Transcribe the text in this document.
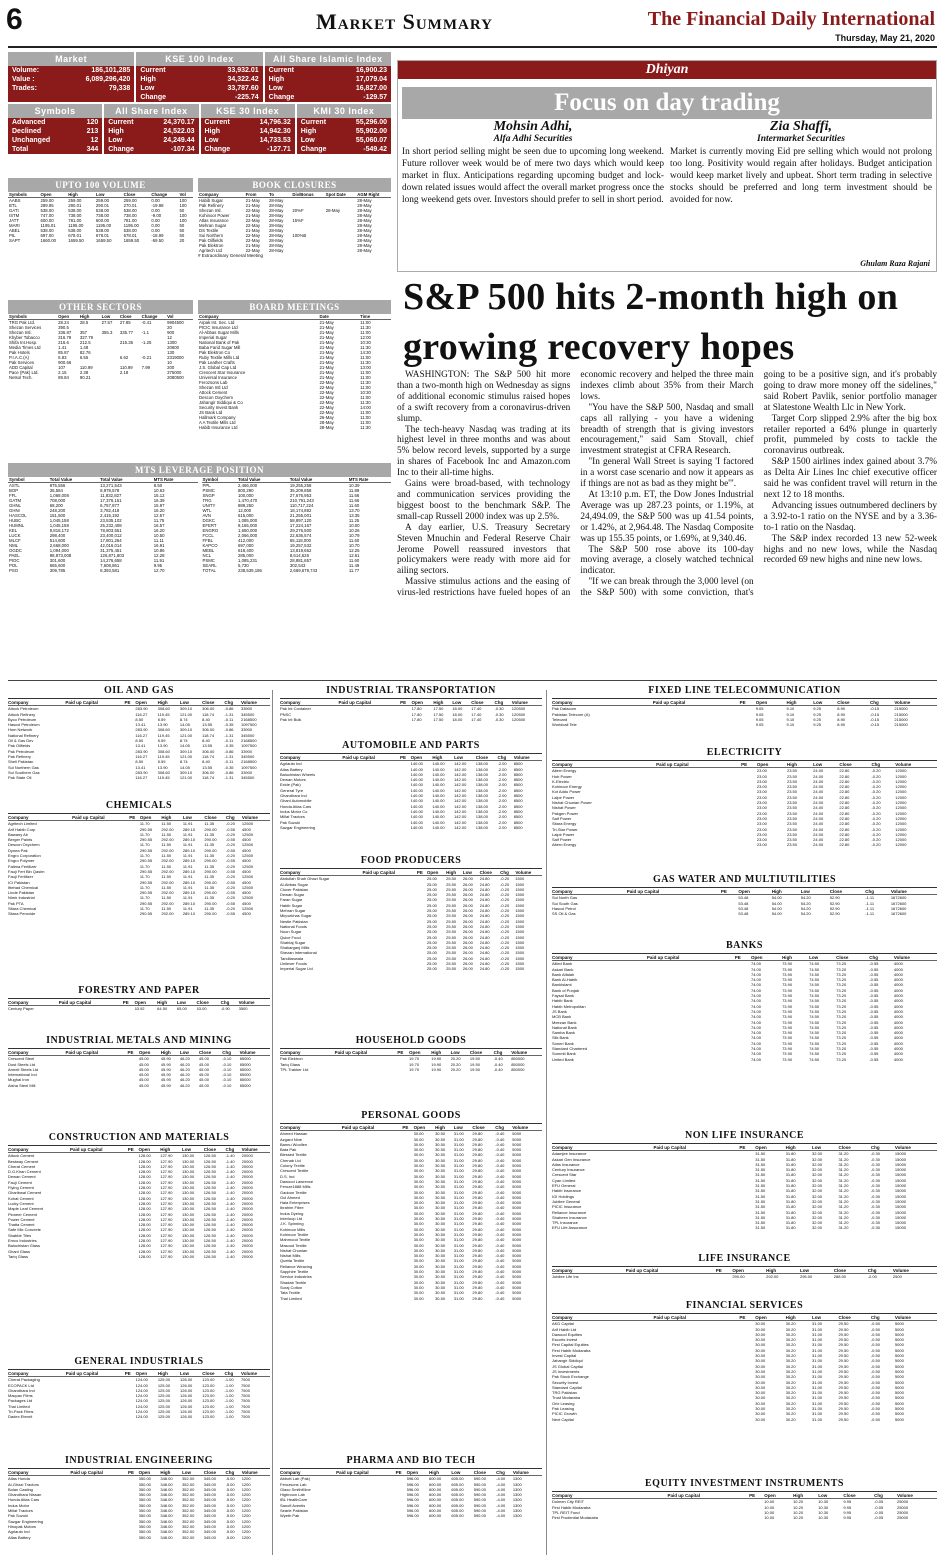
6	Market Summary	The Financial Daily International
Thursday, May 21, 2020
Market
Volume:	186,101,285
Value :	6,089,296,420
Trades:	79,338
KSE 100 Index
Current	33,932.01
High	34,322.42
Low	33,787.60
Change	-225.74
All Share Islamic Index
Current	16,900.23
High	17,079.04
Low	16,827.00
Change	-129.57
Symbols
Advanced	120
Declined	213
Unchanged	12
Total	344
All Share Index
Current	24,370.17
High	24,522.03
Low	24,249.44
Change	-107.34
KSE 30 Index
Current	14,796.32
High	14,942.30
Low	14,733.53
Change	-127.71
KMI 30 Index
Current	55,296.00
High	55,902.00
Low	55,060.07
Change	-549.42
UPTO 100 VOLUME
Symbols	Open	High	Low	Close	Change	Vol
AABS	259.00	259.00	259.00	259.00	0.00	100
BTL	289.95	290.01	290.01	270.01	-19.98	100
GATI	538.00	538.00	538.00	538.00	0.00	50
ISTM	747.00	738.00	738.00	738.00	-9.00	100
JATT	600.00	781.00	600.00	781.00	0.00	100
MARI	1195.01	1195.00	1195.00	1195.00	0.00	50
ABEL	538.00	538.00	538.00	538.00	0.00	50
PIL	697.00	678.01	678.01	678.01	-18.99	50
SAPT	1660.00	1659.50	1659.50	1659.50	-59.50	20
OTHER SECTORS
Symbols	Open	High	Low	Close	Change	Vol
TRG Pak Ltd.	28.24	28.5	27.57	27.85	-0.41	9904500
Shezan Services	390.5					20
Shezan Intl.	336.87	357	355.3	335.77	-1.1	900
Khyber Tobacco	316.79	327.79				12
Shifa Int.Hosp.	216.6	212.5		215.35	-1.25	1300
Media Times Ltd	1.41	1.48				20600
Pak Hotels	85.87	82.76				130
P.I.A.C.(A)	6.83	6.55		6.62	-0.21	2319000
Pak Services	900.66					10
ADD Capital	107	110.99		110.99	7.99	200
Pace (Pak) Ltd.	2.15	2.38		2.18		375000
Netsol Tech.	89.84	90.21				2080500
BOOK CLOSURES
Company	From	To	Div/Bonus	Spot Date	AGM Right
Habib Sugar	21-May	28-May			28-May
Pak Refinery	21-May	28-May			28-May
Shezan Intl.	22-May	28-May	20%F	28-May	28-May
Kohinoor Power	21-May	28-May			28-May
Atlas Insurance	22-May	28-May	15%F		28-May
Mehran Sugar	22-May	28-May			28-May
DS Textile	21-May	28-May			28-May
Sui Northern	22-May	28-May	100%B		28-May
Pak Oilfields	22-May	28-May			28-May
Pak Elektron	21-May	28-May			28-May
Agritech Ltd	22-May	28-May			28-May
# Extraordinary General Meeting
BOARD MEETINGS
Company	Date	Time
Arpak Int. Sec. Ltd	21-May	11:00
PICIC Insurance Ltd	21-May	11:30
Al-Abbas Sugar Mills	21-May	11:00
Imperial Sugar	21-May	12:00
National Bank of Pak	21-May	10:30
Baba Farid Sugar Mill	21-May	11:30
Pak Elektron Co	21-May	14:30
Ruby Textile Mills Ltd	21-May	11:00
Pak Leather Crafts	21-May	11:30
J.S. Global Cap Ltd	21-May	13:00
Crescent Star Insurance	21-May	11:00
Universal Insurance	21-May	11:00
Ferozsons Lab	22-May	11:30
Shezan Intl Ltd	22-May	11:00
Attock Cement	22-May	10:30
Descon Oxychem	22-May	11:00
Jahangir Siddiqui & Co	22-May	11:30
Security Invest Bank	22-May	14:00
JS Bank Ltd	22-May	11:00
Hallmark Company	26-May	11:00
A A Textile Mills Ltd	28-May	11:00
Habib Insurance Ltd	28-May	11:30
MTS LEVERAGE POSITION
Symbol	Total Value	Total Value	MTS Rate
ASTL	875,556	13,271,543	8.50
BOP	35,584	8,978,578	10.63
FFL	1,068,008	11,832,827	15.12
GATM	708,000	17,376,151	16.39
GHNL	68,200	6,757,877	15.97
GHNI	248,200	3,782,418	16.20
HASCOL	151,500	2,415,192	12.57
HUBC	1,045,158	23,535,102	11.75
HUMNL	1,045,158	25,232,408	16.57
KEL	9,816,172	78,803,551	16.20
LUCK	298,400	23,400,012	10.50
MLCF	514,600	17,801,264	11.11
NML	2,668,000	42,016,014	16.91
OGDC	1,094,000	31,375,451	10.86
PAEL	98,873,008	126,871,803	12.28
PIOC	301,600	14,276,658	11.91
POL	665,600	7,608,861	9.95
PSO	309,785	8,393,581	12.70
Symbol	Total Value	Total Value	MTS Rate
PPL	2,466,000	19,255,258	10.39
PSMC	800,290	35,209,858	11.89
SNGP	100,000	27,676,953	11.66
TRG	1,470,470	210,791,243	11.66
UNITY	889,250	110,717,224	11.60
WTL	12,000	18,174,882	13.70
AVN	615,000	21,255,001	13.35
DGKC	1,085,000	58,897,120	11.25
EFERT	8,165,000	17,224,167	10.00
ENGRO	1,650,000	29,276,500	10.26
FCCL	2,066,000	22,636,574	10.79
FFBL	412,000	65,118,000	11.60
KAPCO	697,000	19,257,532	10.70
MEBL	618,400	13,819,662	12.25
NCL	285,000	8,614,626	12.61
PSMC	1,085,231	28,881,657	11.60
SEARL	5,730	302,543	11.49
TOTAL	238,539,186	2,669,679,743	11.77
Dhiyan
Focus on day trading
Mohsin Adhi,
Alfa Adhi Securities
In short period selling might be seen due to upcoming long weekend. Future rollover week would be of mere two days which would keep market in flux. Anticipations regarding upcoming budget and lock-down related issues would affect the overall market progress once the long weekend gets over. Investors should prefer to sell in short period.
Zia Shaffi,
Intermarket Securities
Market is currently moving Eid pre selling which would not prolong too long. Positivity would regain after holidays. Budget anticipation would keep market lively and upbeat. Short term trading in selective stocks should be preferred and long term investment should be avoided for now.
Ghulam Raza Rajani
S&P 500 hits 2-month high on growing recovery hopes

WASHINGTON: The S&P 500 hit more than a two-month high on Wednesday as signs of additional economic stimulus raised hopes of a swift recovery from a coronavirus-driven slump.

The tech-heavy Nasdaq was trading at its highest level in three months and was about 5% below record levels, supported by a surge in shares of Facebook Inc and Amazon.com Inc to their all-time highs.

Gains were broad-based, with technology and communication services providing the biggest boost to the benchmark S&P. The small-cap Russell 2000 index was up 2.5%.

A day earlier, U.S. Treasury Secretary Steven Mnuchin and Federal Reserve Chair Jerome Powell reassured investors that policymakers were ready with more aid for ailing sectors.

Massive stimulus actions and the easing of virus-led restrictions have fueled hopes of an economic recovery and helped the three main indexes climb about 35% from their March lows.

"You have the S&P 500, Nasdaq and small caps all rallying - you have a widening breadth of strength that is giving investors encouragement," said Sam Stovall, chief investment strategist at CFRA Research.

"In general Wall Street is saying 'I factored in a worst case scenario and now it appears as if things are not as bad as they might be'".

At 13:10 p.m. ET, the Dow Jones Industrial Average was up 287.23 points, or 1.19%, at 24,494.09, the S&P 500 was up 41.54 points, or 1.42%, at 2,964.48. The Nasdaq Composite was up 155.35 points, or 1.69%, at 9,340.46.

The S&P 500 rose above its 100-day moving average, a closely watched technical indicator.

"If we can break through the 3,000 level (on the S&P 500) with some conviction, that's going to be a positive sign, and it's probably going to draw more money off the sidelines," said Robert Pavlik, senior portfolio manager at Slatestone Wealth Llc in New York.

Target Corp slipped 2.9% after the big box retailer reported a 64% plunge in quarterly profit, pummeled by costs to tackle the coronavirus outbreak.

S&P 1500 airlines index gained about 3.7% as Delta Air Lines Inc chief executive officer said he was confident travel will return in the next 12 to 18 months.

Advancing issues outnumbered decliners by a 3.92-to-1 ratio on the NYSE and by a 3.36-to-1 ratio on the Nasdaq.

The S&P index recorded 13 new 52-week highs and no new lows, while the Nasdaq recorded 69 new highs and nine new lows.

OIL AND GAS
Company	Paid up Capital	PE	Open	High	Low	Close	Chg	Volume
Attock Petroleum			283.90	308.60	309.10	306.00	-0.86	33900
Attock Refinery			116.27	119.45	121.00	118.74	-1.31	345500
Byco Petroleum			8.50	8.59	8.74	8.40	-0.11	2168500
Hascol Petroleum			13.41	13.90	14.05	13.55	-0.35	1097500
Hum Network			283.90	308.60	309.10	306.00	-0.86	33900
National Refinery			116.27	119.45	121.00	118.74	-1.31	345500
Oil & Gas Dev			8.50	8.59	8.74	8.40	-0.11	2168500
Pak Oilfields			13.41	13.90	14.05	13.55	-0.35	1097500
Pak Petroleum			283.90	308.60	309.10	306.00	-0.86	33900
Pak Refinery			116.27	119.45	121.00	118.74	-1.31	345500
Shell Pakistan			8.50	8.59	8.74	8.40	-0.11	2168500
Sui Northern Gas			13.41	13.90	14.05	13.55	-0.35	1097500
Sui Southern Gas			283.90	308.60	309.10	306.00	-0.86	33900
Pak State Oil			116.27	119.45	121.00	118.74	-1.31	345500
CHEMICALS
Company	Paid up Capital	PE	Open	High	Low	Close	Chg	Volume
Agritech Limited			11.70	11.50	11.91	11.35	-0.20	12500
Arif Habib Corp			290.55	292.00	289.10	290.00	-0.55	4500
Bawany Air			11.70	11.50	11.91	11.35	-0.20	12500
Berger Paints			290.55	292.00	289.10	290.00	-0.55	4500
Descon Oxychem			11.70	11.50	11.91	11.35	-0.20	12500
Dynea Pak			290.55	292.00	289.10	290.00	-0.55	4500
Engro Corporation			11.70	11.50	11.91	11.35	-0.20	12500
Engro Polymer			290.55	292.00	289.10	290.00	-0.55	4500
Fatima Fertilizer			11.70	11.50	11.91	11.35	-0.20	12500
Fauji Fert Bin Qasim			290.55	292.00	289.10	290.00	-0.55	4500
Fauji Fertilizer			11.70	11.50	11.91	11.35	-0.20	12500
ICI Pakistan			290.55	292.00	289.10	290.00	-0.55	4500
Ittehad Chemical			11.70	11.50	11.91	11.35	-0.20	12500
Linde Pakistan			290.55	292.00	289.10	290.00	-0.55	4500
Nimir Industrial			11.70	11.50	11.91	11.35	-0.20	12500
Pak PTA			290.55	292.00	289.10	290.00	-0.55	4500
Sitara Chemical			11.70	11.50	11.91	11.35	-0.20	12500
Sitara Peroxide			290.55	292.00	289.10	290.00	-0.55	4500
FORESTRY AND PAPER
Company	Paid up Capital	PE	Open	High	Low	Close	Chg	Volume
Century Paper			63.92	64.50	65.00	63.00	-0.90	3500
INDUSTRIAL METALS AND MINING
Company	Paid up Capital	PE	Open	High	Low	Close	Chg	Volume
Crescent Steel			45.00	45.90	46.20	45.00	-0.10	85000
Dost Steels Ltd			45.00	45.90	46.20	45.00	-0.10	85000
Amreli Steels Ltd			45.00	45.90	46.20	45.00	-0.10	85000
International Ind			45.00	45.90	46.20	45.00	-0.10	85000
Mughal Iron			45.00	45.90	46.20	45.00	-0.10	85000
Aisha Steel Mill			45.00	45.90	46.20	45.00	-0.10	85000
CONSTRUCTION AND MATERIALS
Company	Paid up Capital	PE	Open	High	Low	Close	Chg	Volume
Attock Cement			128.00	127.90	130.00	126.50	-1.40	20000
Bestway Cement			128.00	127.90	130.00	126.50	-1.40	20000
Cherat Cement			128.00	127.90	130.00	126.50	-1.40	20000
D.G.Khan Cement			128.00	127.90	130.00	126.50	-1.40	20000
Dewan Cement			128.00	127.90	130.00	126.50	-1.40	20000
Fauji Cement			128.00	127.90	130.00	126.50	-1.40	20000
Flying Cement			128.00	127.90	130.00	126.50	-1.40	20000
Gharibwal Cement			128.00	127.90	130.00	126.50	-1.40	20000
Kohat Cement			128.00	127.90	130.00	126.50	-1.40	20000
Lucky Cement			128.00	127.90	130.00	126.50	-1.40	20000
Maple Leaf Cement			128.00	127.90	130.00	126.50	-1.40	20000
Pioneer Cement			128.00	127.90	130.00	126.50	-1.40	20000
Power Cement			128.00	127.90	130.00	126.50	-1.40	20000
Thatta Cement			128.00	127.90	130.00	126.50	-1.40	20000
Safe Mix Concrete			128.00	127.90	130.00	126.50	-1.40	20000
Shabbir Tiles			128.00	127.90	130.00	126.50	-1.40	20000
Emco Industries			128.00	127.90	130.00	126.50	-1.40	20000
Balochistan Glass			128.00	127.90	130.00	126.50	-1.40	20000
Ghani Glass			128.00	127.90	130.00	126.50	-1.40	20000
Tariq Glass			128.00	127.90	130.00	126.50	-1.40	20000
GENERAL INDUSTRIALS
Company	Paid up Capital	PE	Open	High	Low	Close	Chg	Volume
Cherat Packaging			124.00	125.00	126.00	123.00	-1.00	7500
ECOPACK Ltd			124.00	125.00	126.00	123.00	-1.00	7500
Ghandhara Ind			124.00	125.00	126.00	123.00	-1.00	7500
Macpac Films			124.00	125.00	126.00	123.00	-1.00	7500
Packages Ltd			124.00	125.00	126.00	123.00	-1.00	7500
Thal Limited			124.00	125.00	126.00	123.00	-1.00	7500
Tri-Pack Films			124.00	125.00	126.00	123.00	-1.00	7500
Dadex Eternit			124.00	125.00	126.00	123.00	-1.00	7500
INDUSTRIAL ENGINEERING
Company	Paid up Capital	PE	Open	High	Low	Close	Chg	Volume
Atlas Honda			350.00	348.00	352.00	345.00	-5.00	1200
Al-Ghazi Tractors			350.00	348.00	352.00	345.00	-5.00	1200
Bolan Casting			350.00	348.00	352.00	345.00	-5.00	1200
Ghandhara Nissan			350.00	348.00	352.00	345.00	-5.00	1200
Honda Atlas Cars			350.00	348.00	352.00	345.00	-5.00	1200
Indus Motor			350.00	348.00	352.00	345.00	-5.00	1200
Millat Tractors			350.00	348.00	352.00	345.00	-5.00	1200
Pak Suzuki			350.00	348.00	352.00	345.00	-5.00	1200
Sazgar Engineering			350.00	348.00	352.00	345.00	-5.00	1200
Hinopak Motors			350.00	348.00	352.00	345.00	-5.00	1200
Agriauto Ind			350.00	348.00	352.00	345.00	-5.00	1200
Atlas Battery			350.00	348.00	352.00	345.00	-5.00	1200
INDUSTRIAL TRANSPORTATION
Company	Paid up Capital	PE	Open	High	Low	Close	Chg	Volume
Pak Int Container			17.80	17.50	18.00	17.40	-0.30	120500
PNSC			17.80	17.50	18.00	17.40	-0.30	120500
Pak Int Bulk			17.80	17.50	18.00	17.40	-0.30	120500
AUTOMOBILE AND PARTS
Company	Paid up Capital	PE	Open	High	Low	Close	Chg	Volume
Agriauto Ind			140.00	140.00	142.00	138.00	-2.00	8500
Atlas Battery			140.00	140.00	142.00	138.00	-2.00	8500
Baluchistan Wheels			140.00	140.00	142.00	138.00	-2.00	8500
Dewan Motors			140.00	140.00	142.00	138.00	-2.00	8500
Exide (Pak)			140.00	140.00	142.00	138.00	-2.00	8500
General Tyre			140.00	140.00	142.00	138.00	-2.00	8500
Ghandhara Ind			140.00	140.00	142.00	138.00	-2.00	8500
Ghani Automobile			140.00	140.00	142.00	138.00	-2.00	8500
Honda Atlas Cars			140.00	140.00	142.00	138.00	-2.00	8500
Indus Motor Co			140.00	140.00	142.00	138.00	-2.00	8500
Millat Tractors			140.00	140.00	142.00	138.00	-2.00	8500
Pak Suzuki			140.00	140.00	142.00	138.00	-2.00	8500
Sazgar Engineering			140.00	140.00	142.00	138.00	-2.00	8500
FOOD PRODUCERS
Company	Paid up Capital	PE	Open	High	Low	Close	Chg	Volume
Abdullah Shah Ghazi Sugar			25.00	25.50	26.00	24.80	-0.20	1500
Al-Abbas Sugar			25.00	25.50	26.00	24.80	-0.20	1500
Clover Pakistan			25.00	25.50	26.00	24.80	-0.20	1500
Dewan Sugar			25.00	25.50	26.00	24.80	-0.20	1500
Faran Sugar			25.00	25.50	26.00	24.80	-0.20	1500
Habib Sugar			25.00	25.50	26.00	24.80	-0.20	1500
Mehran Sugar			25.00	25.50	26.00	24.80	-0.20	1500
Mirpurkhas Sugar			25.00	25.50	26.00	24.80	-0.20	1500
Nestle Pakistan			25.00	25.50	26.00	24.80	-0.20	1500
National Foods			25.00	25.50	26.00	24.80	-0.20	1500
Noon Sugar			25.00	25.50	26.00	24.80	-0.20	1500
Quice Food			25.00	25.50	26.00	24.80	-0.20	1500
Shahtaj Sugar			25.00	25.50	26.00	24.80	-0.20	1500
Shakarganj Mills			25.00	25.50	26.00	24.80	-0.20	1500
Shezan International			25.00	25.50	26.00	24.80	-0.20	1500
Tandlianwala			25.00	25.50	26.00	24.80	-0.20	1500
Unilever Foods			25.00	25.50	26.00	24.80	-0.20	1500
Imperial Sugar Ltd			25.00	25.50	26.00	24.80	-0.20	1500
HOUSEHOLD GOODS
Company	Paid up Capital	PE	Open	High	Low	Close	Chg	Volume
Pak Elektron			19.70	19.90	20.20	19.50	-0.40	850000
Tariq Glass			19.70	19.90	20.20	19.50	-0.40	850000
TPL Trakker Ltd			19.70	19.90	20.20	19.50	-0.40	850000
PERSONAL GOODS
Company	Paid up Capital	PE	Open	High	Low	Close	Chg	Volume
Ahmed Hassan			30.00	30.50	31.00	29.80	-0.40	5000
Azgard Nine			30.00	30.50	31.00	29.80	-0.40	5000
Bannu Woollen			30.00	30.50	31.00	29.80	-0.40	5000
Bata Pak			30.00	30.50	31.00	29.80	-0.40	5000
Blessed Textile			30.00	30.50	31.00	29.80	-0.40	5000
Chenab Ltd			30.00	30.50	31.00	29.80	-0.40	5000
Colony Textile			30.00	30.50	31.00	29.80	-0.40	5000
Crescent Textile			30.00	30.50	31.00	29.80	-0.40	5000
D.S. Ind			30.00	30.50	31.00	29.80	-0.40	5000
Dawood Lawrence			30.00	30.50	31.00	29.80	-0.40	5000
Feroze1888 Mills			30.00	30.50	31.00	29.80	-0.40	5000
Gadoon Textile			30.00	30.50	31.00	29.80	-0.40	5000
Gul Ahmed			30.00	30.50	31.00	29.80	-0.40	5000
Hala Enterprises			30.00	30.50	31.00	29.80	-0.40	5000
Ibrahim Fibre			30.00	30.50	31.00	29.80	-0.40	5000
Indus Dyeing			30.00	30.50	31.00	29.80	-0.40	5000
Interloop Ltd			30.00	30.50	31.00	29.80	-0.40	5000
J.K. Spinning			30.00	30.50	31.00	29.80	-0.40	5000
Kohinoor Mills			30.00	30.50	31.00	29.80	-0.40	5000
Kohinoor Textile			30.00	30.50	31.00	29.80	-0.40	5000
Mahmood Textile			30.00	30.50	31.00	29.80	-0.40	5000
Masood Textile			30.00	30.50	31.00	29.80	-0.40	5000
Nishat Chunian			30.00	30.50	31.00	29.80	-0.40	5000
Nishat Mills			30.00	30.50	31.00	29.80	-0.40	5000
Quetta Textile			30.00	30.50	31.00	29.80	-0.40	5000
Reliance Weaving			30.00	30.50	31.00	29.80	-0.40	5000
Sapphire Textile			30.00	30.50	31.00	29.80	-0.40	5000
Service Industries			30.00	30.50	31.00	29.80	-0.40	5000
Shadab Textile			30.00	30.50	31.00	29.80	-0.40	5000
Suraj Cotton			30.00	30.50	31.00	29.80	-0.40	5000
Tata Textile			30.00	30.50	31.00	29.80	-0.40	5000
Thal Limited			30.00	30.50	31.00	29.80	-0.40	5000
PHARMA AND BIO TECH
Company	Paid up Capital	PE	Open	High	Low	Close	Chg	Volume
Abbott Lab (Pak)			596.00	600.00	605.00	590.00	-4.00	1300
Ferozsons Lab			596.00	600.00	605.00	590.00	-4.00	1300
Glaxo SmithKline			596.00	600.00	605.00	590.00	-4.00	1300
Highnoon Lab			596.00	600.00	605.00	590.00	-4.00	1300
IBL HealthCare			596.00	600.00	605.00	590.00	-4.00	1300
Sanofi Aventis			596.00	600.00	605.00	590.00	-4.00	1300
Searle Pakistan			596.00	600.00	605.00	590.00	-4.00	1300
Wyeth Pak			596.00	600.00	605.00	590.00	-4.00	1300
FIXED LINE TELECOMMUNICATION
Company	Paid up Capital	PE	Open	High	Low	Close	Chg	Volume
Pak Datacom			9.05	9.10	9.25	8.90	-0.15	215000
Pakistan Telecom (A)			9.05	9.10	9.25	8.90	-0.15	215000
Telecard			9.05	9.10	9.25	8.90	-0.15	215000
Worldcall Tele			9.05	9.10	9.25	8.90	-0.15	215000
ELECTRICITY
Company	Paid up Capital	PE	Open	High	Low	Close	Chg	Volume
Altern Energy			23.00	23.50	24.00	22.80	-0.20	12000
Hub Power			23.00	23.50	24.00	22.80	-0.20	12000
K-Electric			23.00	23.50	24.00	22.80	-0.20	12000
Kohinoor Energy			23.00	23.50	24.00	22.80	-0.20	12000
Kot Addu Power			23.00	23.50	24.00	22.80	-0.20	12000
Lalpir Power			23.00	23.50	24.00	22.80	-0.20	12000
Nishat Chunian Power			23.00	23.50	24.00	22.80	-0.20	12000
Nishat Power			23.00	23.50	24.00	22.80	-0.20	12000
Pakgen Power			23.00	23.50	24.00	22.80	-0.20	12000
Saif Power			23.00	23.50	24.00	22.80	-0.20	12000
Sitara Energy			23.00	23.50	24.00	22.80	-0.20	12000
Tri-Star Power			23.00	23.50	24.00	22.80	-0.20	12000
Lalpir Power			23.00	23.50	24.00	22.80	-0.20	12000
Saif Power			23.00	23.50	24.00	22.80	-0.20	12000
Altern Energy			23.00	23.50	24.00	22.80	-0.20	12000
GAS WATER AND MULTIUTILITIES
Company	Paid up Capital	PE	Open	High	Low	Close	Chg	Volume
Sui North Gas			53.48	54.00	54.20	52.90	-1.11	1672600
Sui South Gas			53.48	54.00	54.20	52.90	-1.11	1672600
Hascol Petrol			53.48	54.00	54.20	52.90	-1.11	1672600
SS Oil & Gas			53.48	54.00	54.20	52.90	-1.11	1672600
BANKS
Company	Paid up Capital	PE	Open	High	Low	Close	Chg	Volume
Allied Bank			74.00	73.90	74.50	73.20	-0.55	4000
Askari Bank			74.00	73.90	74.50	73.20	-0.55	4000
Bank Alfalah			74.00	73.90	74.50	73.20	-0.55	4000
Bank Al-Habib			74.00	73.90	74.50	73.20	-0.55	4000
BankIslami			74.00	73.90	74.50	73.20	-0.55	4000
Bank of Punjab			74.00	73.90	74.50	73.20	-0.55	4000
Faysal Bank			74.00	73.90	74.50	73.20	-0.55	4000
Habib Bank			74.00	73.90	74.50	73.20	-0.55	4000
Habib Metropolitan			74.00	73.90	74.50	73.20	-0.55	4000
JS Bank			74.00	73.90	74.50	73.20	-0.55	4000
MCB Bank			74.00	73.90	74.50	73.20	-0.55	4000
Meezan Bank			74.00	73.90	74.50	73.20	-0.55	4000
National Bank			74.00	73.90	74.50	73.20	-0.55	4000
Samba Bank			74.00	73.90	74.50	73.20	-0.55	4000
Silk Bank			74.00	73.90	74.50	73.20	-0.55	4000
Soneri Bank			74.00	73.90	74.50	73.20	-0.55	4000
Standard Chartered			74.00	73.90	74.50	73.20	-0.55	4000
Summit Bank			74.00	73.90	74.50	73.20	-0.55	4000
United Bank			74.00	73.90	74.50	73.20	-0.55	4000
NON LIFE INSURANCE
Company	Paid up Capital	PE	Open	High	Low	Close	Chg	Volume
Adamjee Insurance			31.50	31.80	32.00	31.20	-0.30	15000
Askari Gen Insurance			31.50	31.80	32.00	31.20	-0.30	15000
Atlas Insurance			31.50	31.80	32.00	31.20	-0.30	15000
Century Insurance			31.50	31.80	32.00	31.20	-0.30	15000
Crescent Star			31.50	31.80	32.00	31.20	-0.30	15000
Cyan Limited			31.50	31.80	32.00	31.20	-0.30	15000
EFU General			31.50	31.80	32.00	31.20	-0.30	15000
Habib Insurance			31.50	31.80	32.00	31.20	-0.30	15000
IGI Holdings			31.50	31.80	32.00	31.20	-0.30	15000
Jubilee General			31.50	31.80	32.00	31.20	-0.30	15000
PICIC Insurance			31.50	31.80	32.00	31.20	-0.30	15000
Reliance Insurance			31.50	31.80	32.00	31.20	-0.30	15000
Shaheen Insurance			31.50	31.80	32.00	31.20	-0.30	15000
TPL Insurance			31.50	31.80	32.00	31.20	-0.30	15000
EFU Life Assurance			31.50	31.80	32.00	31.20	-0.30	15000
LIFE INSURANCE
Company	Paid up Capital	PE	Open	High	Low	Close	Chg	Volume
Jubilee Life Ins			290.00	292.00	295.00	288.00	-2.00	2500
FINANCIAL SERVICES
Company	Paid up Capital	PE	Open	High	Low	Close	Chg	Volume
AKD Capital			30.00	30.20	31.00	29.50	-0.50	5000
Arif Habib Ltd			30.00	30.20	31.00	29.50	-0.50	5000
Dawood Equities			30.00	30.20	31.00	29.50	-0.50	5000
Escorts Invest			30.00	30.20	31.00	29.50	-0.50	5000
First Capital Equities			30.00	30.20	31.00	29.50	-0.50	5000
First Habib Modaraba			30.00	30.20	31.00	29.50	-0.50	5000
Invest Capital			30.00	30.20	31.00	29.50	-0.50	5000
Jahangir Siddiqui			30.00	30.20	31.00	29.50	-0.50	5000
JS Global Capital			30.00	30.20	31.00	29.50	-0.50	5000
JS Investments			30.00	30.20	31.00	29.50	-0.50	5000
Pak Stock Exchange			30.00	30.20	31.00	29.50	-0.50	5000
Security Invest			30.00	30.20	31.00	29.50	-0.50	5000
Standard Capital			30.00	30.20	31.00	29.50	-0.50	5000
TRG Pakistan			30.00	30.20	31.00	29.50	-0.50	5000
Trust Modaraba			30.00	30.20	31.00	29.50	-0.50	5000
Orix Leasing			30.00	30.20	31.00	29.50	-0.50	5000
Pak Leasing			30.00	30.20	31.00	29.50	-0.50	5000
PICIC Growth			30.00	30.20	31.00	29.50	-0.50	5000
Next Capital			30.00	30.20	31.00	29.50	-0.50	5000
EQUITY INVESTMENT INSTRUMENTS
Company	Paid up Capital	PE	Open	High	Low	Close	Chg	Volume
Dolmen City REIT			10.00	10.20	10.30	9.95	-0.05	25000
First Habib Modaraba			10.00	10.20	10.30	9.95	-0.05	25000
TPL REIT Fund			10.00	10.20	10.30	9.95	-0.05	25000
First Prudential Modaraba			10.00	10.20	10.30	9.95	-0.05	25000
